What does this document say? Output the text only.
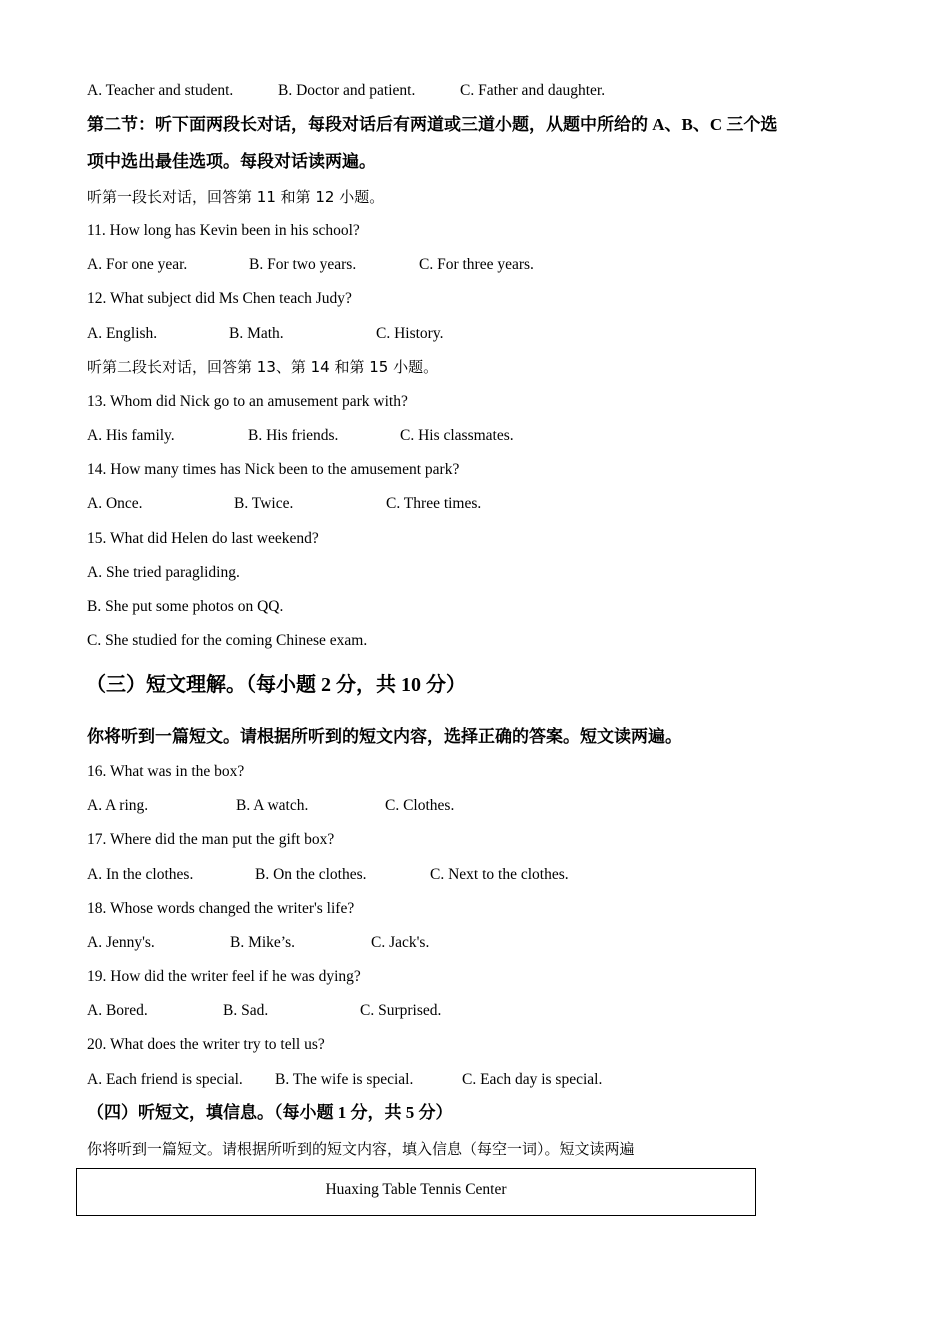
A. Teacher and student.	B. Doctor and patient.	C. Father and daughter.
第二节：听下面两段长对话，每段对话后有两道或三道小题，从题中所给的 A、B、C 三个选
项中选出最佳选项。每段对话读两遍。
听第一段长对话，回答第 11 和第 12 小题。
11. How long has Kevin been in his school?
A. For one year.	B. For two years.	C. For three years.
12. What subject did Ms Chen teach Judy?
A. English.	B. Math.	C. History.
听第二段长对话，回答第 13、第 14 和第 15 小题。
13. Whom did Nick go to an amusement park with?
A. His family.	B. His friends.	C. His classmates.
14. How many times has Nick been to the amusement park?
A. Once.	B. Twice.	C. Three times.
15. What did Helen do last weekend?
A. She tried paragliding.
B. She put some photos on QQ.
C. She studied for the coming Chinese exam.
（三）短文理解。（每小题 2 分，共 10 分）
你将听到一篇短文。请根据所听到的短文内容，选择正确的答案。短文读两遍。
16. What was in the box?
A. A ring.	B. A watch.	C. Clothes.
17. Where did the man put the gift box?
A. In the clothes.	B. On the clothes.	C. Next to the clothes.
18. Whose words changed the writer's life?
A. Jenny's.	B. Mike’s.	C. Jack's.
19. How did the writer feel if he was dying?
A. Bored.	B. Sad.	C. Surprised.
20. What does the writer try to tell us?
A. Each friend is special. B. The wife is special.	C. Each day is special.
（四）听短文，填信息。（每小题 1 分，共 5 分）
你将听到一篇短文。请根据所听到的短文内容，填入信息（每空一词）。短文读两遍
Huaxing Table Tennis Center
